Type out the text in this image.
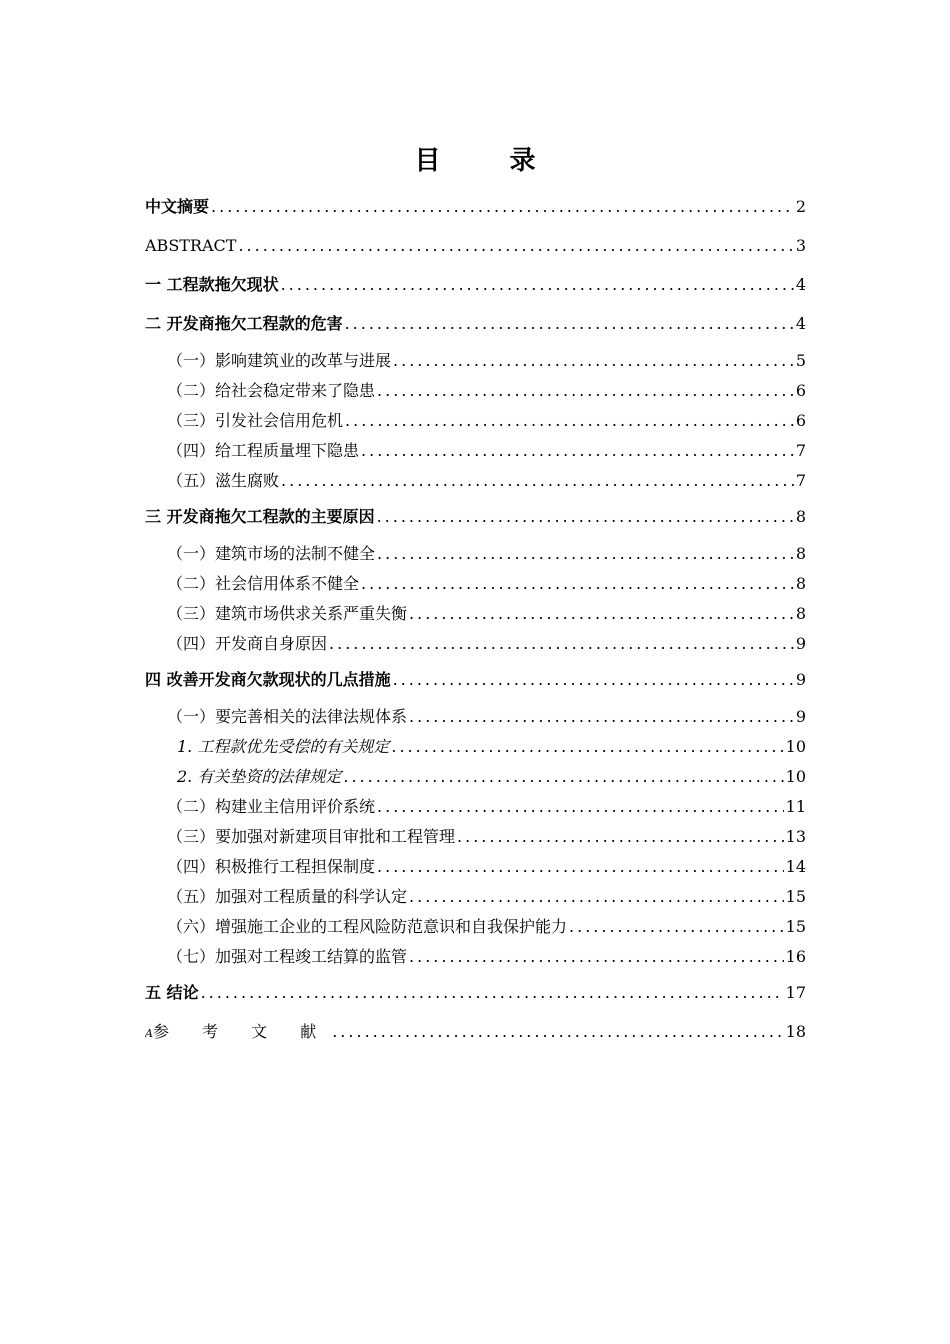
目 录
中文摘要 .....	2
ABSTRACT .....	3
一 工程款拖欠现状 .....	4
二 开发商拖欠工程款的危害 .....	4
（一）影响建筑业的改革与进展 .....	5
（二）给社会稳定带来了隐患 .....	6
（三）引发社会信用危机 .....	6
（四）给工程质量埋下隐患 .....	7
（五）滋生腐败 .....	7
三 开发商拖欠工程款的主要原因 .....	8
（一）建筑市场的法制不健全 .....	8
（二）社会信用体系不健全 .....	8
（三）建筑市场供求关系严重失衡 .....	8
（四）开发商自身原因 .....	9
四 改善开发商欠款现状的几点措施 .....	9
（一）要完善相关的法律法规体系 .....	9
1. 工程款优先受偿的有关规定 .....	10
2. 有关垫资的法律规定 .....	10
（二）构建业主信用评价系统 .....	11
（三）要加强对新建项目审批和工程管理 .....	13
（四）积极推行工程担保制度 .....	14
（五）加强对工程质量的科学认定 .....	15
（六）增强施工企业的工程风险防范意识和自我保护能力 .....	15
（七）加强对工程竣工结算的监管 .....	16
五 结论 .....	17
A参 考 文 献 .....	18
